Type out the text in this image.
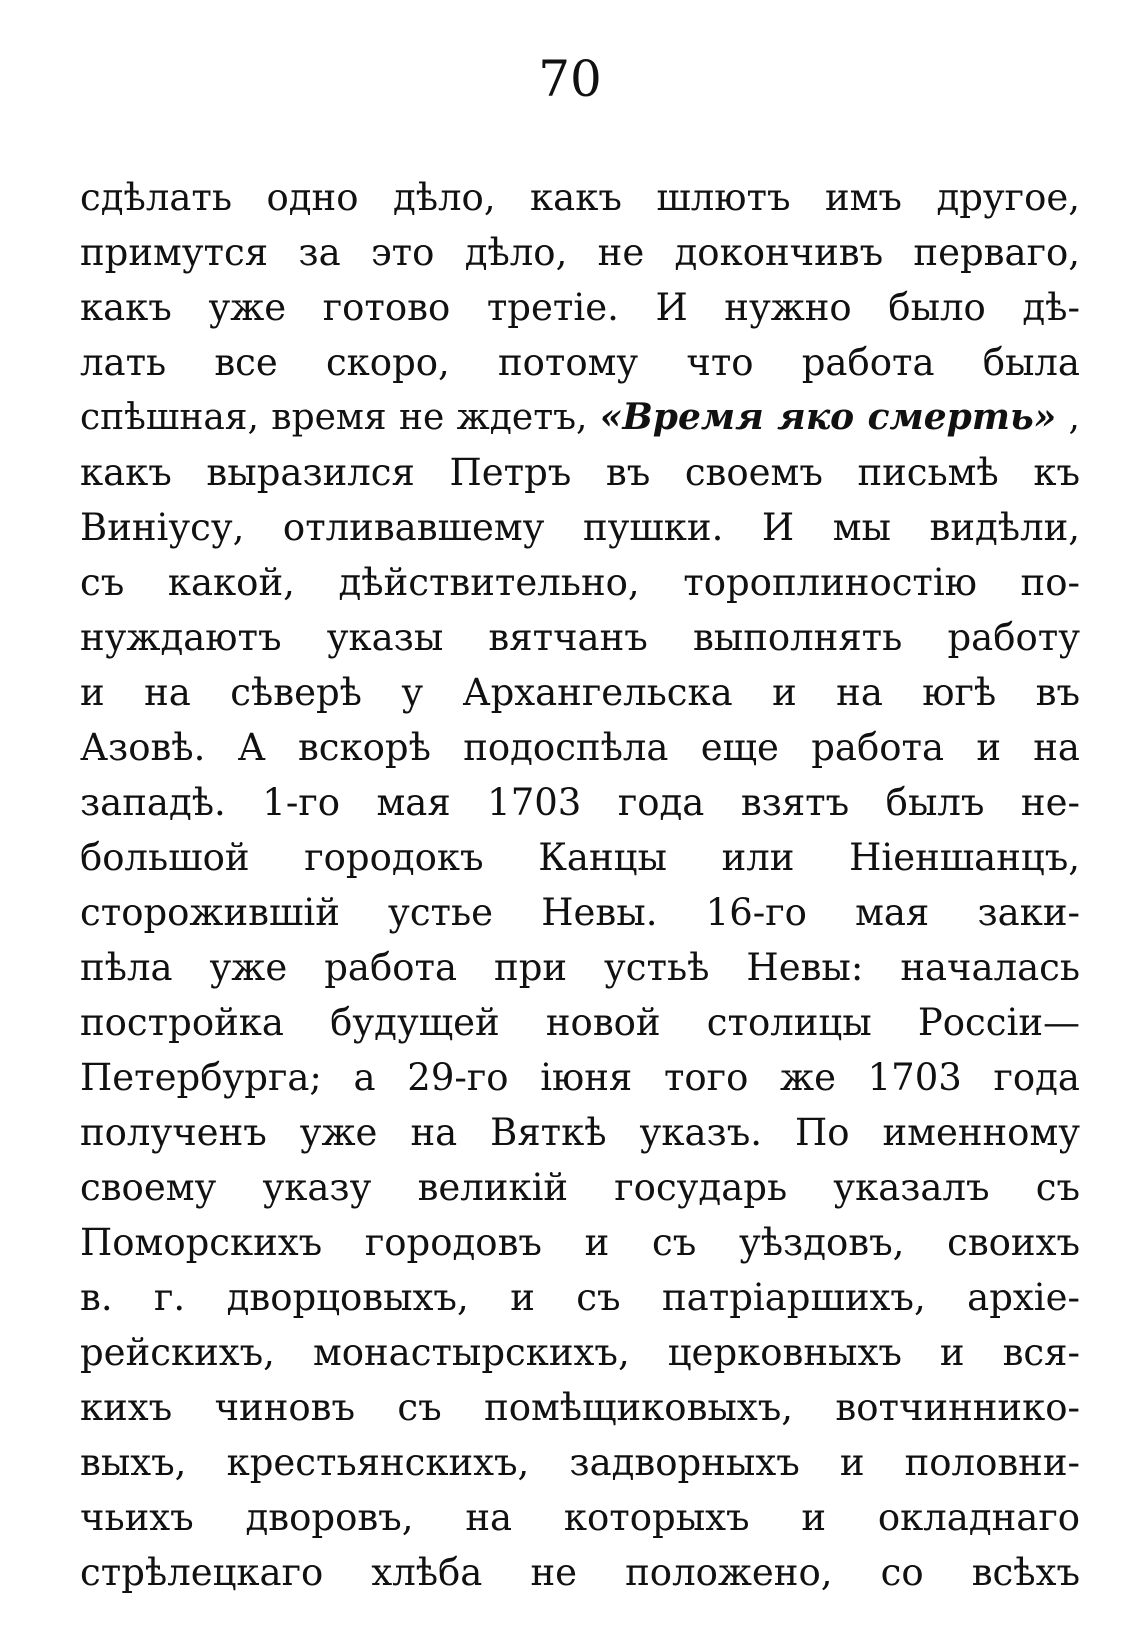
70

сдѣлать одно дѣло, какъ шлютъ имъ другое,
примутся за это дѣло, не докончивъ перваго,
какъ уже готово третіе. И нужно было дѣ-
лать все скоро, потому что работа была
спѣшная, время не ждетъ, «Время яко смерть» ,
какъ выразился Петръ въ своемъ письмѣ къ
Виніусу, отливавшему пушки. И мы видѣли,
съ какой, дѣйствительно, тороплиностію по-
нуждаютъ указы вятчанъ выполнять работу
и на сѣверѣ у Архангельска и на югѣ въ
Азовѣ. А вскорѣ подоспѣла еще работа и на
западѣ. 1-го мая 1703 года взятъ былъ не-
большой городокъ Канцы или Ніеншанцъ,
сторожившій устье Невы. 16-го мая заки-
пѣла уже работа при устьѣ Невы: началась
постройка будущей новой столицы Россіи—
Петербурга; а 29-го іюня того же 1703 года
полученъ уже на Вяткѣ указъ. По именному
своему указу великій государь указалъ съ
Поморскихъ городовъ и съ уѣздовъ, своихъ
в. г. дворцовыхъ, и съ патріаршихъ, архіе-
рейскихъ, монастырскихъ, церковныхъ и вся-
кихъ чиновъ съ помѣщиковыхъ, вотчиннико-
выхъ, крестьянскихъ, задворныхъ и половни-
чьихъ дворовъ, на которыхъ и окладнаго
стрѣлецкаго хлѣба не положено, со всѣхъ
